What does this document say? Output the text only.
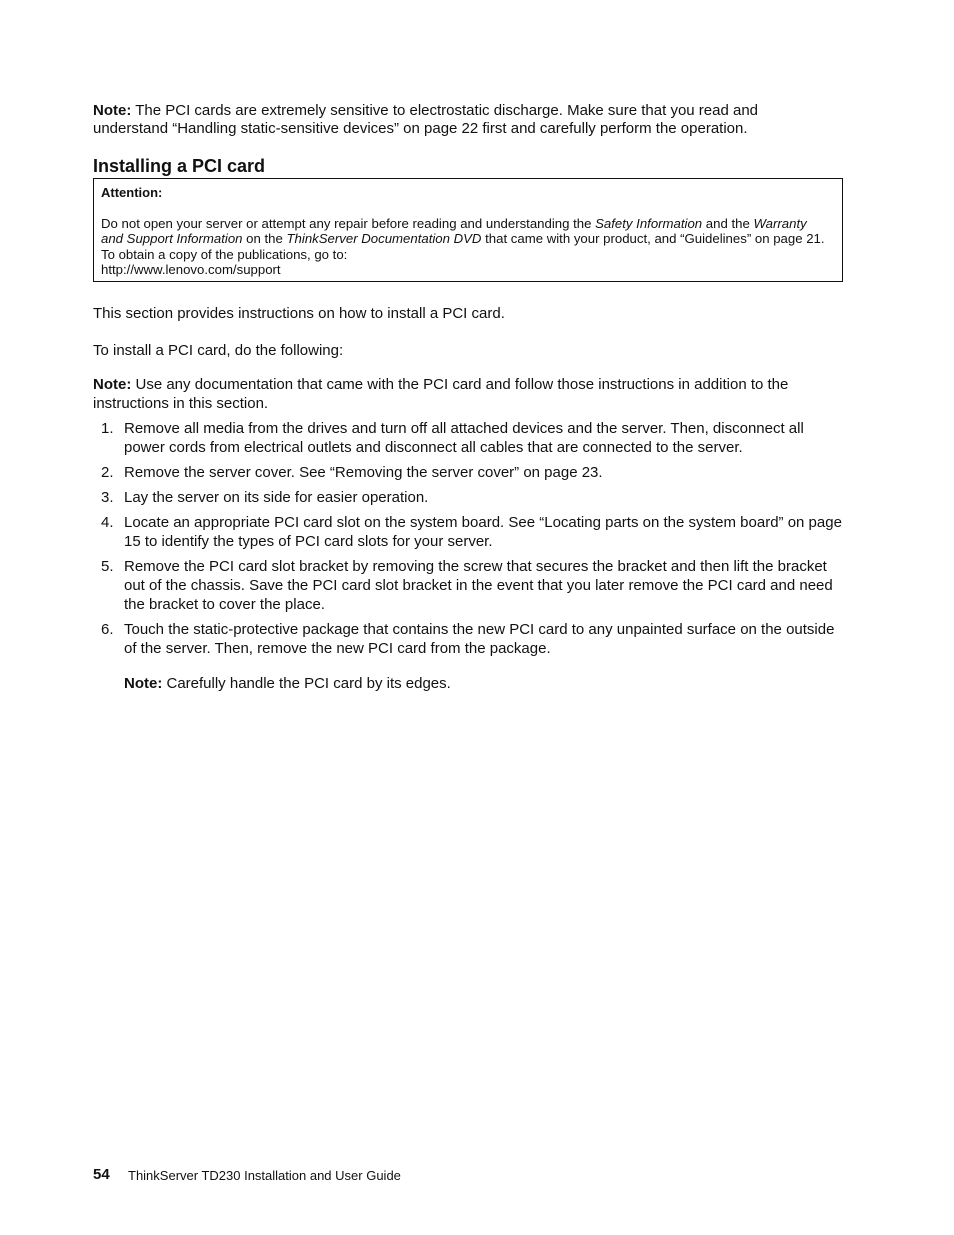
Note: The PCI cards are extremely sensitive to electrostatic discharge. Make sure that you read and understand “Handling static-sensitive devices” on page 22 first and carefully perform the operation.
Installing a PCI card
Attention:
Do not open your server or attempt any repair before reading and understanding the Safety Information and the Warranty and Support Information on the ThinkServer Documentation DVD that came with your product, and “Guidelines” on page 21. To obtain a copy of the publications, go to:
http://www.lenovo.com/support
This section provides instructions on how to install a PCI card.
To install a PCI card, do the following:
Note: Use any documentation that came with the PCI card and follow those instructions in addition to the instructions in this section.
1. Remove all media from the drives and turn off all attached devices and the server. Then, disconnect all power cords from electrical outlets and disconnect all cables that are connected to the server.
2. Remove the server cover. See “Removing the server cover” on page 23.
3. Lay the server on its side for easier operation.
4. Locate an appropriate PCI card slot on the system board. See “Locating parts on the system board” on page 15 to identify the types of PCI card slots for your server.
5. Remove the PCI card slot bracket by removing the screw that secures the bracket and then lift the bracket out of the chassis. Save the PCI card slot bracket in the event that you later remove the PCI card and need the bracket to cover the place.
6. Touch the static-protective package that contains the new PCI card to any unpainted surface on the outside of the server. Then, remove the new PCI card from the package.
Note: Carefully handle the PCI card by its edges.
54 ThinkServer TD230 Installation and User Guide
